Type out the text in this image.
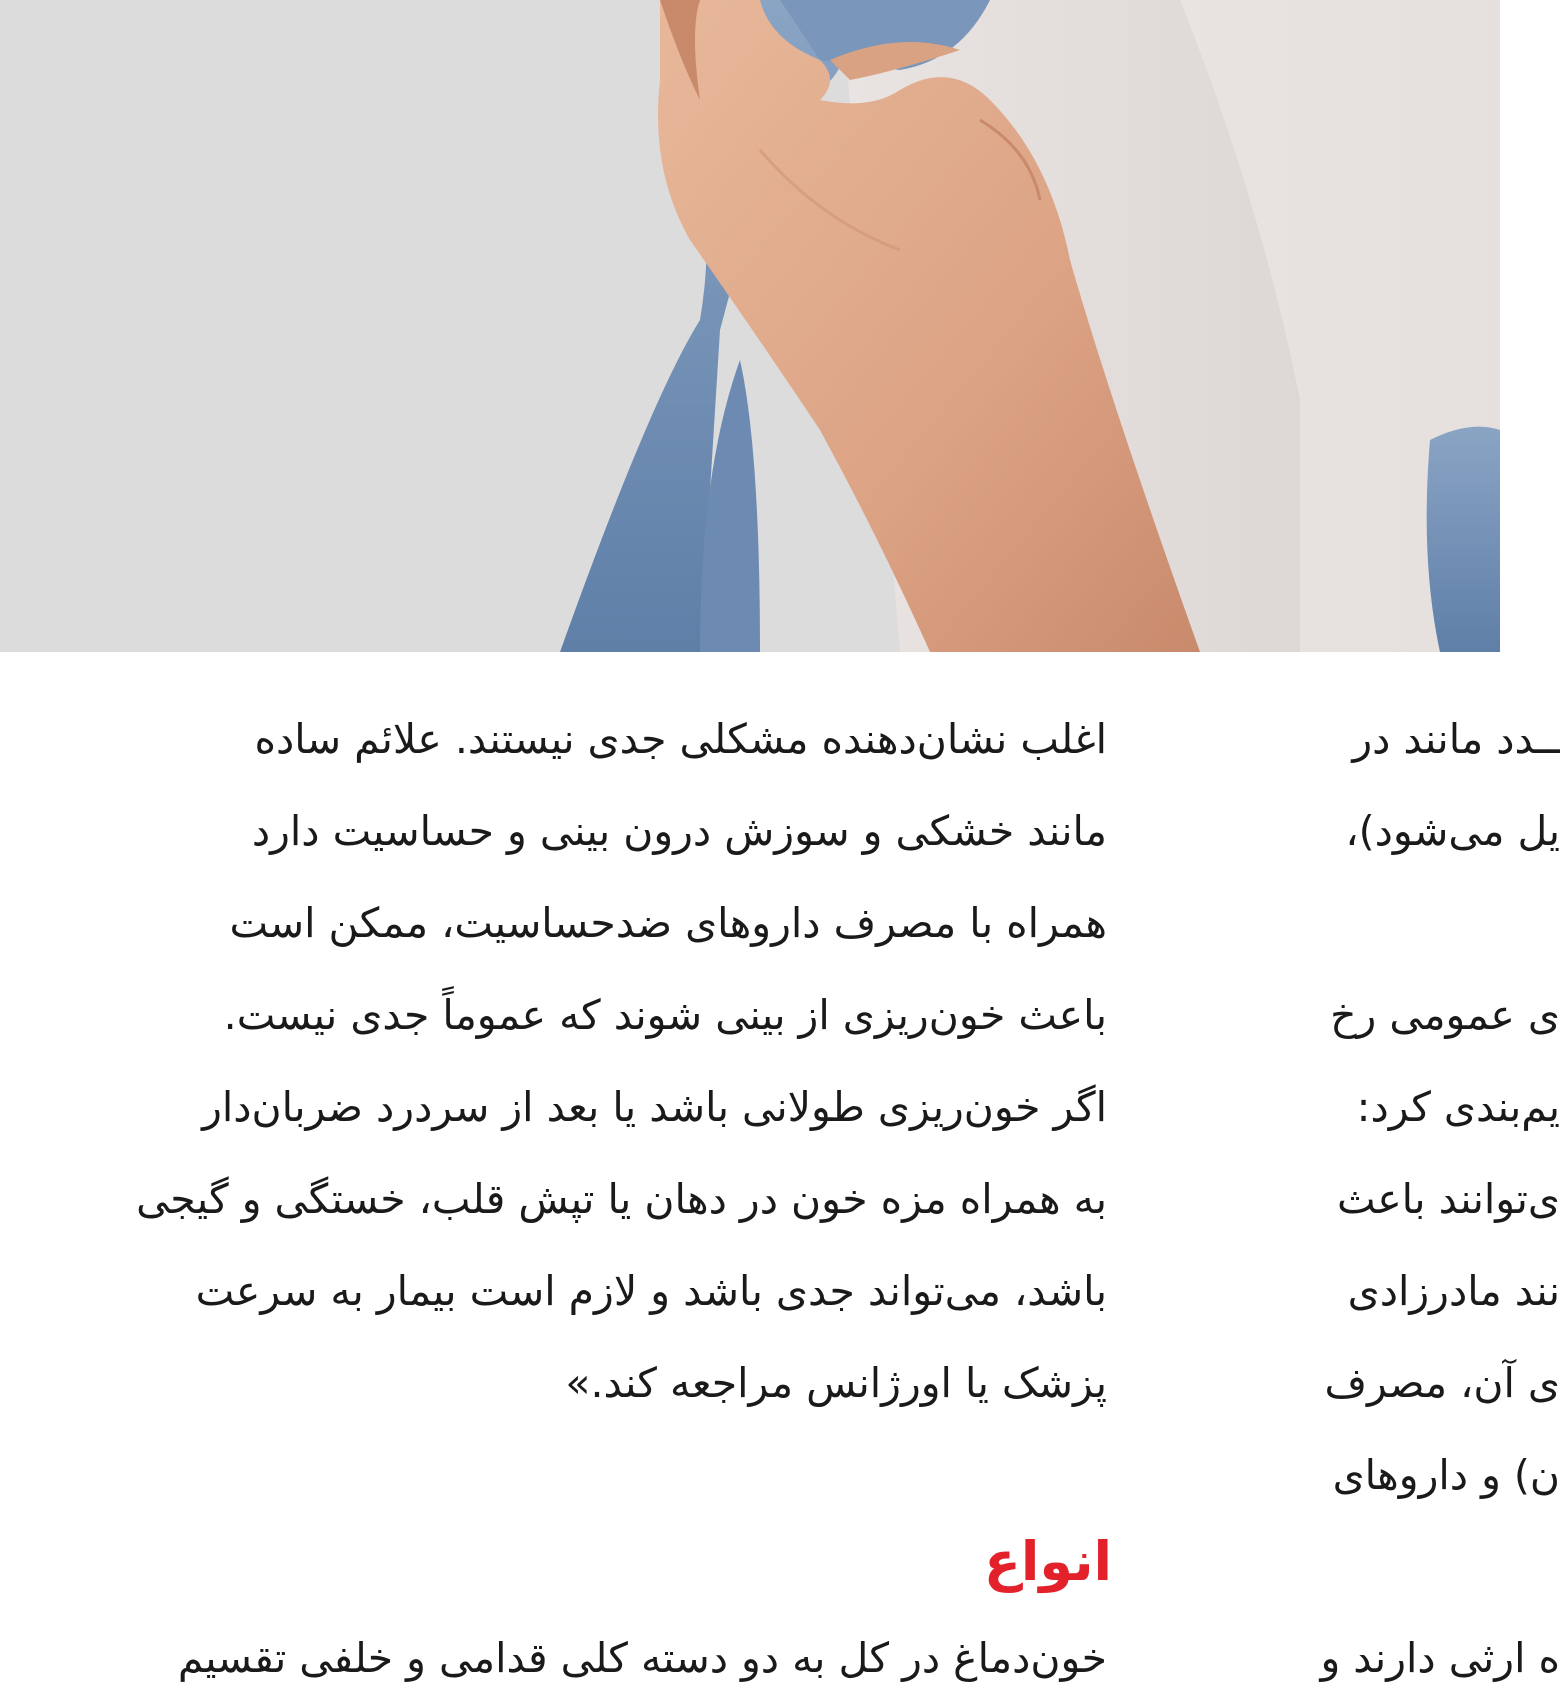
اغلب نشان‌دهنده مشکلی جدی نیستند. علائم ساده
مانند خشکی و سوزش درون بینی و حساسیت دارد
همراه با مصرف داروهای ضدحساسیت، ممکن است
باعث خون‌ریزی از بینی شوند که عموماً جدی نیست.
اگر خون‌ریزی طولانی باشد یا بعد از سردرد ضربان‌دار
به همراه مزه خون در دهان یا تپش قلب، خستگی و گیجی
باشد، می‌تواند جدی باشد و لازم است بیمار به سرعت
پزشک یا اورژانس مراجعه کند.»
ــدد مانند در
یل می‌شود)،
ی عمومی رخ
یم‌بندی کرد:
ی‌توانند باعث
نند مادرزادی
ی آن، مصرف
ن) و داروهای
انواع
خون‌دماغ در کل به دو دسته کلی قدامی و خلفی تقسیم	ه ارثی دارند و
